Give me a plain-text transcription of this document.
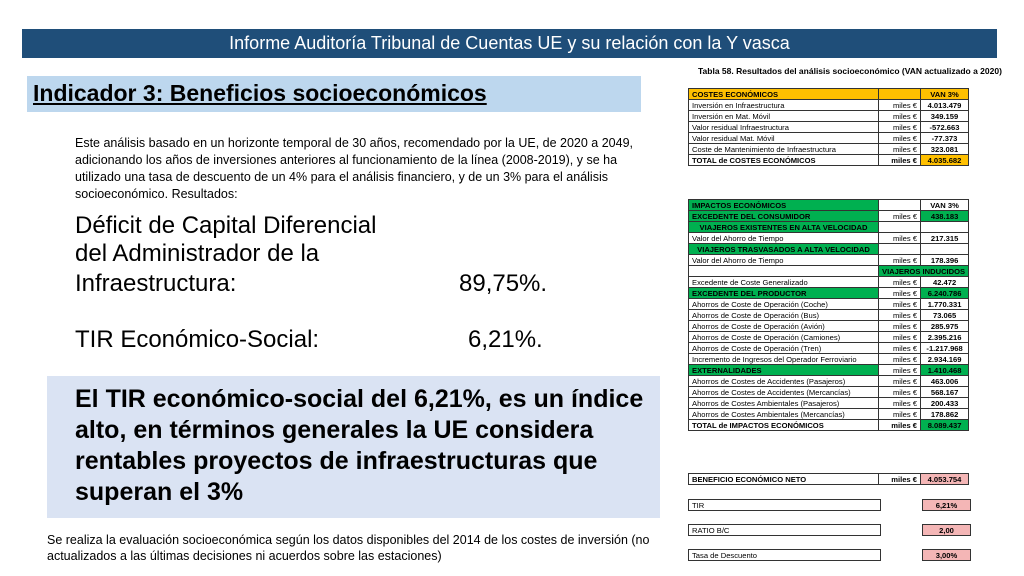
Informe Auditoría Tribunal de Cuentas UE y su relación con la Y vasca
Indicador 3: Beneficios socioeconómicos
Este análisis basado en un horizonte temporal de 30 años, recomendado por la UE, de 2020 a 2049, adicionando los años de inversiones anteriores al funcionamiento de la línea (2008-2019), y se ha utilizado una tasa de descuento de un 4% para el análisis financiero, y de un 3% para el análisis socioeconómico. Resultados:
Déficit de Capital Diferencial
del Administrador de la
Infraestructura:	89,75%.
TIR Económico-Social:	6,21%.

El TIR económico-social del 6,21%, es un índice alto, en términos generales la UE considera rentables proyectos de infraestructuras que superan el 3%

Se realiza la evaluación socioeconómica según los datos disponibles del 2014 de los costes de inversión (no actualizados a las últimas decisiones ni acuerdos sobre las estaciones)
Tabla 58. Resultados del análisis socioeconómico (VAN actualizado a 2020)
COSTES ECONÓMICOS		VAN 3%
Inversión en Infraestructura	miles €	4.013.479
Inversión en Mat. Móvil	miles €	349.159
Valor residual Infraestructura	miles €	-572.663
Valor residual Mat. Móvil	miles €	-77.373
Coste de Mantenimiento de Infraestructura	miles €	323.081
TOTAL de COSTES ECONÓMICOS	miles €	4.035.682
IMPACTOS ECONÓMICOS		VAN 3%
EXCEDENTE DEL CONSUMIDOR	miles €	438.183
VIAJEROS EXISTENTES EN ALTA VELOCIDAD		
Valor del Ahorro de Tiempo	miles €	217.315
VIAJEROS TRASVASADOS A ALTA VELOCIDAD		
Valor del Ahorro de Tiempo	miles €	178.396
	VIAJEROS INDUCIDOS	
Excedente de Coste Generalizado	miles €	42.472
EXCEDENTE DEL PRODUCTOR	miles €	6.240.786
Ahorros de Coste de Operación (Coche)	miles €	1.770.331
Ahorros de Coste de Operación (Bus)	miles €	73.065
Ahorros de Coste de Operación (Avión)	miles €	285.975
Ahorros de Coste de Operación (Camiones)	miles €	2.395.216
Ahorros de Coste de Operación (Tren)	miles €	-1.217.968
Incremento de Ingresos del Operador Ferroviario	miles €	2.934.169
EXTERNALIDADES	miles €	1.410.468
Ahorros de Costes de Accidentes (Pasajeros)	miles €	463.006
Ahorros de Costes de Accidentes (Mercancías)	miles €	568.167
Ahorros de Costes Ambientales (Pasajeros)	miles €	200.433
Ahorros de Costes Ambientales (Mercancías)	miles €	178.862
TOTAL de IMPACTOS ECONÓMICOS	miles €	8.089.437
BENEFICIO ECONÓMICO NETO	miles €	4.053.754
TIR		6,21%
RATIO B/C		2,00
Tasa de Descuento		3,00%
